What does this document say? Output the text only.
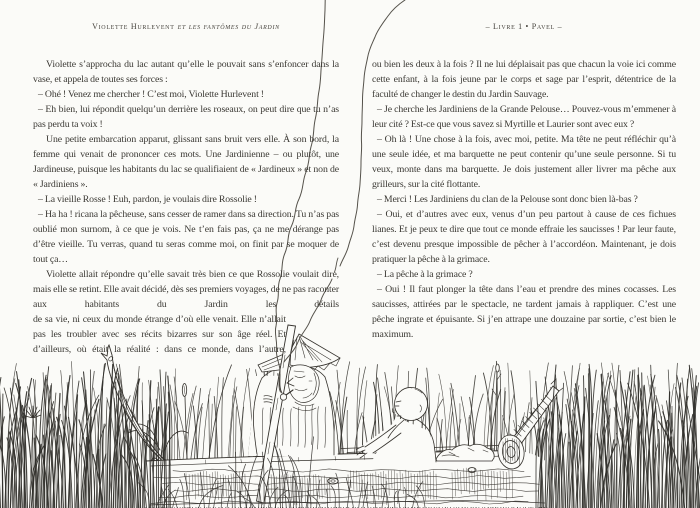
Violette Hurlevent et les fantômes du Jardin	– Livre 1 • Pavel –

Violette s’approcha du lac autant qu’elle le pouvait sans s’enfoncer dans la vase, et appela de toutes ses forces :

– Ohé ! Venez me chercher ! C’est moi, Violette Hurlevent !

– Eh bien, lui répondit quelqu’un derrière les roseaux, on peut dire que tu n’as pas perdu ta voix !

Une petite embarcation apparut, glissant sans bruit vers elle. À son bord, la femme qui venait de prononcer ces mots. Une Jardinienne – ou plutôt, une Jardineuse, puisque les habitants du lac se qualifiaient de « Jardineux » et non de « Jardiniens ».

– La vieille Rosse ! Euh, pardon, je voulais dire Rossolie !

– Ha ha ! ricana la pêcheuse, sans cesser de ramer dans sa direction. Tu n’as pas oublié mon surnom, à ce que je vois. Ne t’en fais pas, ça ne me dérange pas d’être vieille. Tu verras, quand tu seras comme moi, on finit par se moquer de tout ça…

Violette allait répondre qu’elle savait très bien ce que Rossolie voulait dire, mais elle se retint. Elle avait décidé, dès ses premiers voyages, de ne pas raconter aux habitants du Jardin les détails

de sa vie, ni ceux du monde étrange d’où elle venait. Elle n’allait pas les troubler avec ses récits bizarres sur son âge réel. Et d’ailleurs, où était la réalité : dans ce monde, dans l’autre,

ou bien les deux à la fois ? Il ne lui déplaisait pas que chacun la voie ici comme cette enfant, à la fois jeune par le corps et sage par l’esprit, détentrice de la faculté de changer le destin du Jardin Sauvage.

– Je cherche les Jardiniens de la Grande Pelouse… Pouvez-vous m’emmener à leur cité ? Est-ce que vous savez si Myrtille et Laurier sont avec eux ?

– Oh là ! Une chose à la fois, avec moi, petite. Ma tête ne peut réfléchir qu’à une seule idée, et ma barquette ne peut contenir qu’une seule personne. Si tu veux, monte dans ma barquette. Je dois justement aller livrer ma pêche aux grilleurs, sur la cité flottante.

– Merci ! Les Jardiniens du clan de la Pelouse sont donc bien là-bas ?

– Oui, et d’autres avec eux, venus d’un peu partout à cause de ces fichues lianes. Et je peux te dire que tout ce monde effraie les saucisses ! Par leur faute, c’est devenu presque impossible de pêcher à l’accordéon. Maintenant, je dois pratiquer la pêche à la grimace.

– La pêche à la grimace ?

– Oui ! Il faut plonger la tête dans l’eau et prendre des mines cocasses. Les saucisses, attirées par le spectacle, ne tardent jamais à rappliquer. C’est une pêche ingrate et épuisante. Si j’en attrape une douzaine par sortie, c’est bien le maximum.
